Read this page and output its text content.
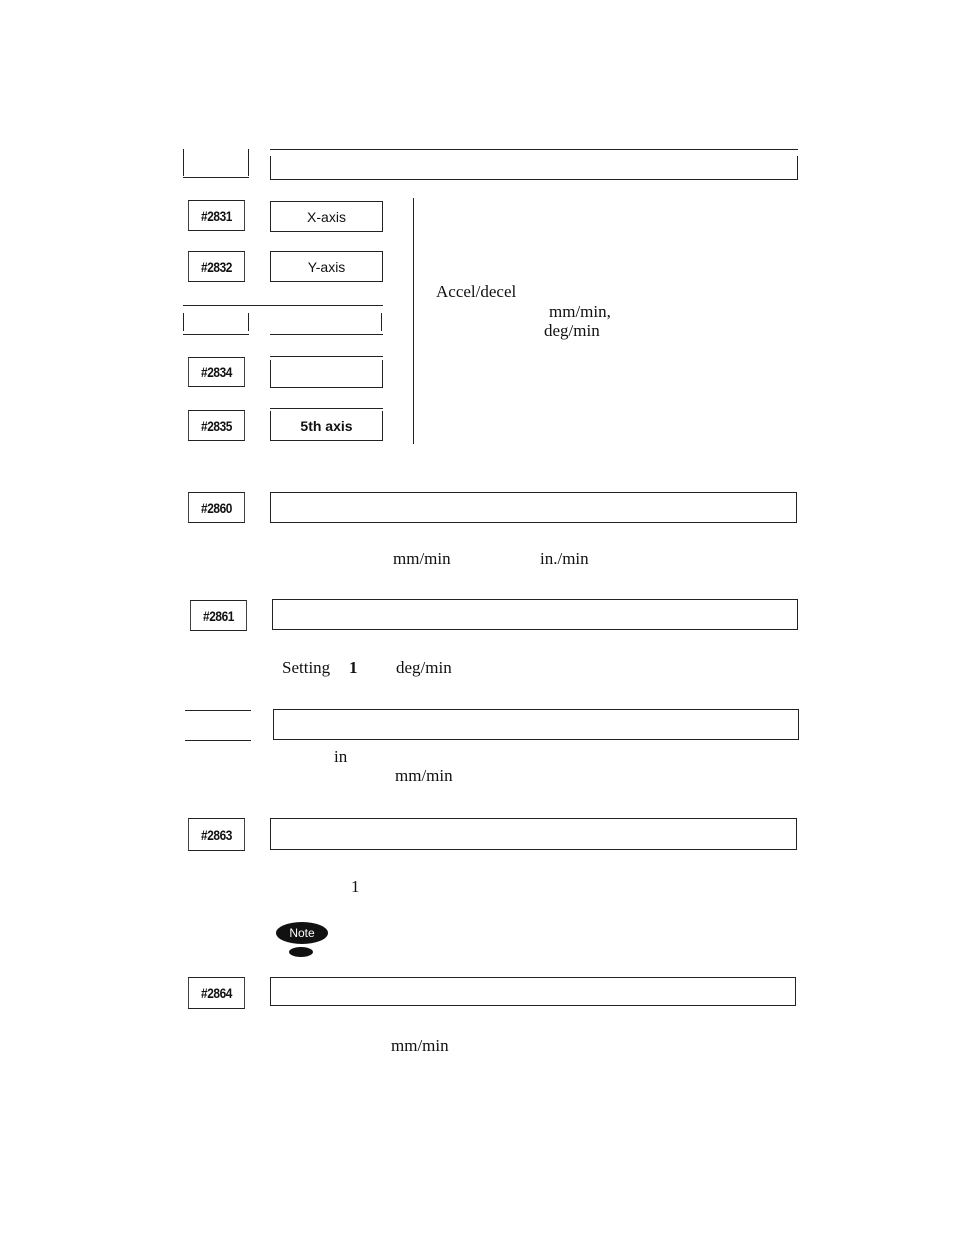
#2831	X-axis
#2832	Y-axis
#2834
#2835	5th axis
Accel/decel
mm/min,
deg/min
#2860
mm/min	in./min
#2861
Setting 1 deg/min
in
mm/min
#2863
1
Note
#2864
mm/min
